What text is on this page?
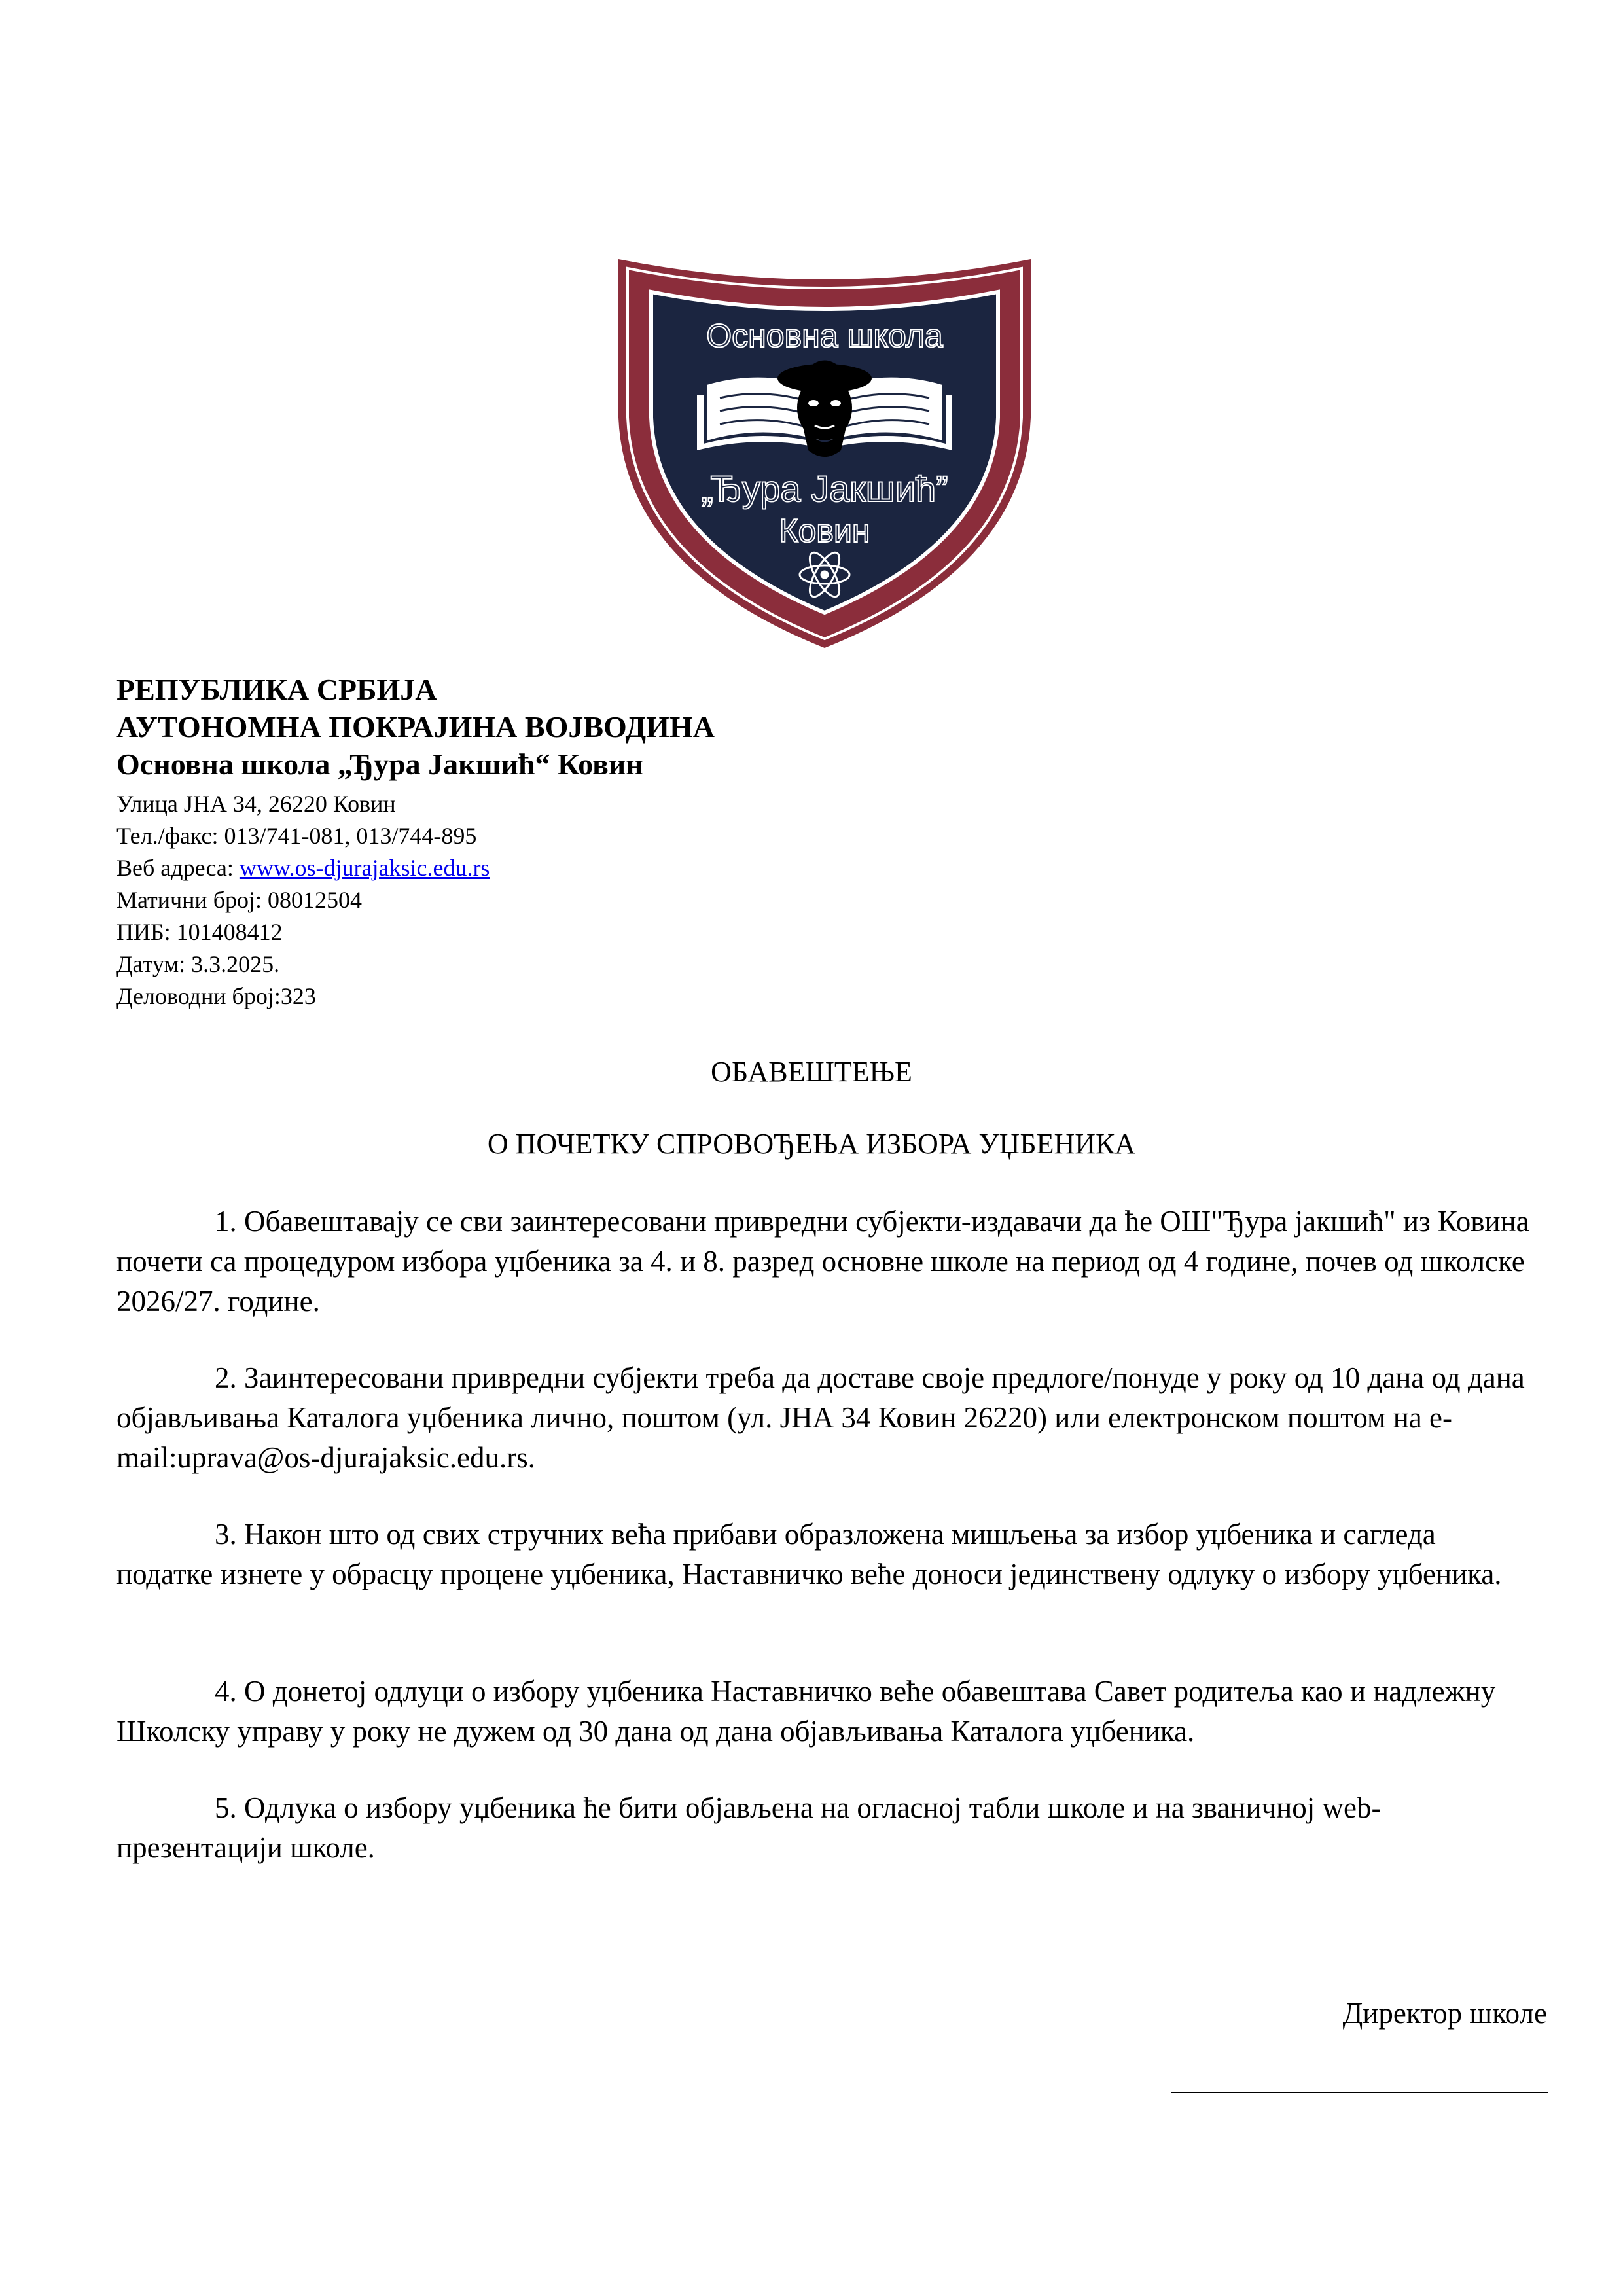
Основна школа
„Ђура Јакшић”
Ковин
РЕПУБЛИКА СРБИЈА
АУТОНОМНА ПОКРАЈИНА ВОЈВОДИНА
Основна школа „Ђура Јакшић“ Ковин
Улица ЈНА 34, 26220 Ковин
Тел./факс: 013/741-081, 013/744-895
Веб адреса: www.os-djurajaksic.edu.rs
Матични број: 08012504
ПИБ: 101408412
Датум: 3.3.2025.
Деловодни број:323
ОБАВЕШТЕЊЕ
О ПОЧЕТКУ СПРОВОЂЕЊА ИЗБОРА УЏБЕНИКА
1. Обавештавају се сви заинтересовани привредни субјекти-издавачи да ће ОШ"Ђура јакшић" из Ковина почети са процедуром избора уџбеника за 4. и 8. разред основне школе на период од 4 године, почев од школске 2026/27. године.
2. Заинтересовани привредни субјекти треба да доставе своје предлоге/понуде у року од 10 дана од дана објављивања Каталога уџбеника лично, поштом (ул. ЈНА 34 Ковин 26220) или електронском поштом на e-mail:uprava@os-djurajaksic.edu.rs.
3. Након што од свих стручних већа прибави образложена мишљења за избор уџбеника и сагледа податке изнете у обрасцу процене уџбеника, Наставничко веће доноси јединствену одлуку о избору уџбеника.
4. О донетој одлуци о избору уџбеника Наставничко веће обавештава Савет родитеља као и надлежну Школску управу у року не дужем од 30 дана од дана објављивања Каталога уџбеника.
5. Одлука о избору уџбеника ће бити објављена на огласној табли школе и на званичној web-презентацији школе.
Директор школе
